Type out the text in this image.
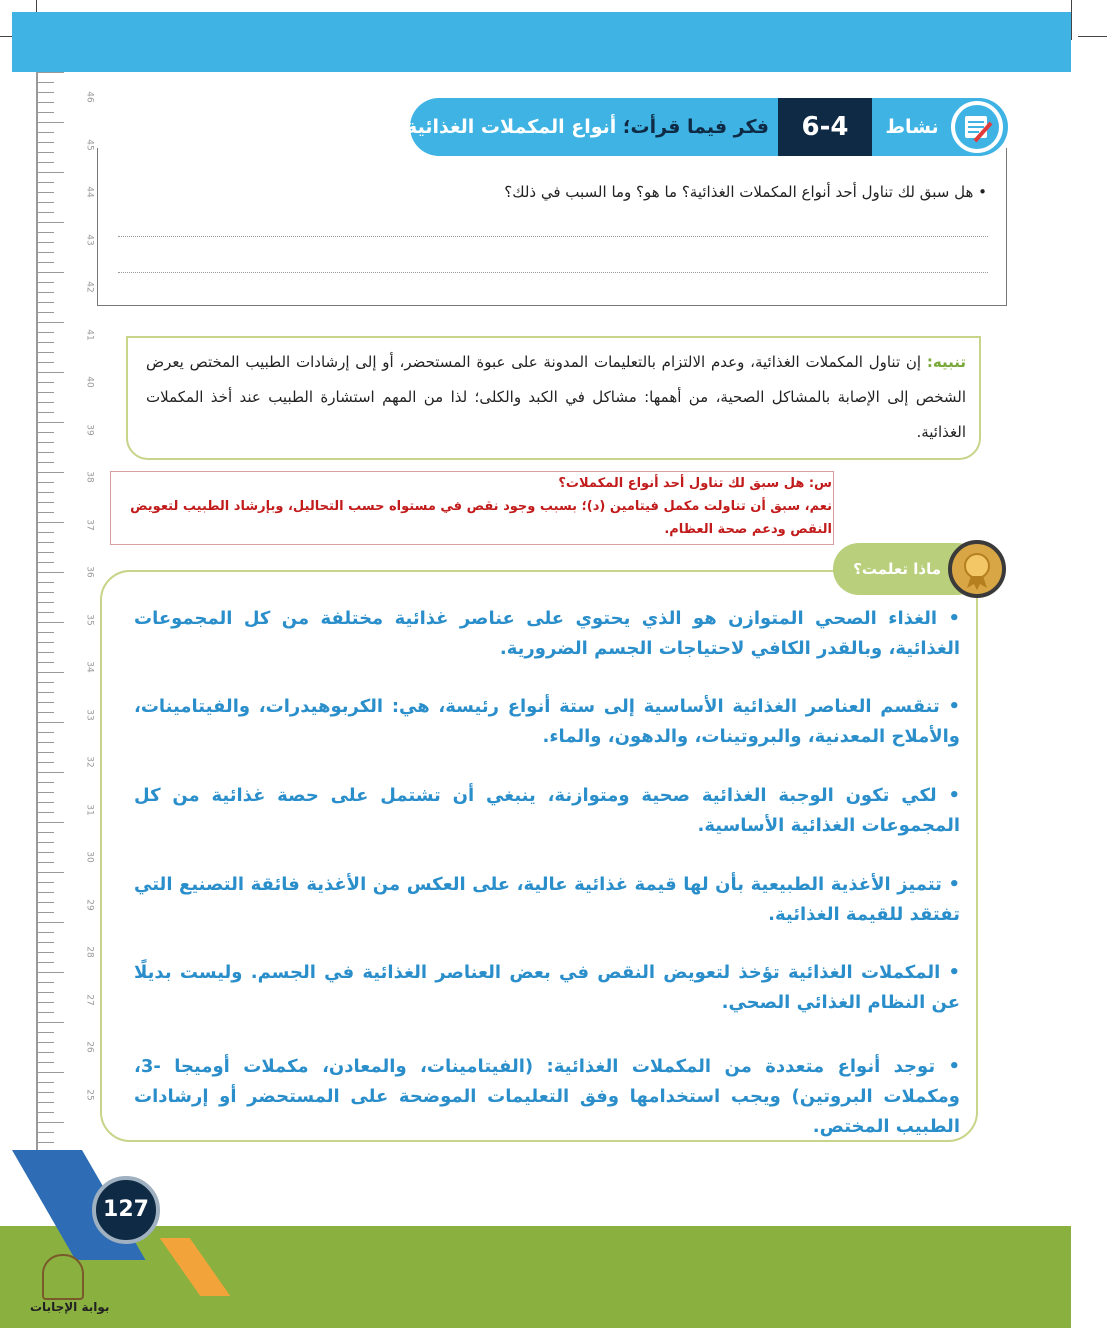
46
45
44
43
42
41
40
39
38
37
36
35
34
33
32
31
30
29
28
27
26
25
فكر فيما قرأت؛ أنواع المكملات الغذائية	6-4	نشاط
• هل سبق لك تناول أحد أنواع المكملات الغذائية؟ ما هو؟ وما السبب في ذلك؟
تنبيه: إن تناول المكملات الغذائية، وعدم الالتزام بالتعليمات المدونة على عبوة المستحضر، أو إلى إرشادات الطبيب المختص يعرض الشخص إلى الإصابة بالمشاكل الصحية، من أهمها: مشاكل في الكبد والكلى؛ لذا من المهم استشارة الطبيب عند أخذ المكملات الغذائية.
س: هل سبق لك تناول أحد أنواع المكملات؟
نعم، سبق أن تناولت مكمل فيتامين (د)؛ بسبب وجود نقص في مستواه حسب التحاليل، وبإرشاد الطبيب لتعويض النقص ودعم صحة العظام.
ماذا تعلمت؟
• الغذاء الصحي المتوازن هو الذي يحتوي على عناصر غذائية مختلفة من كل المجموعات الغذائية، وبالقدر الكافي لاحتياجات الجسم الضرورية.
• تنقسم العناصر الغذائية الأساسية إلى ستة أنواع رئيسة، هي: الكربوهيدرات، والفيتامينات، والأملاح المعدنية، والبروتينات، والدهون، والماء.
• لكي تكون الوجبة الغذائية صحية ومتوازنة، ينبغي أن تشتمل على حصة غذائية من كل المجموعات الغذائية الأساسية.
• تتميز الأغذية الطبيعية بأن لها قيمة غذائية عالية، على العكس من الأغذية فائقة التصنيع التي تفتقد للقيمة الغذائية.
• المكملات الغذائية تؤخذ لتعويض النقص في بعض العناصر الغذائية في الجسم. وليست بديلًا عن النظام الغذائي الصحي.
• توجد أنواع متعددة من المكملات الغذائية: (الفيتامينات، والمعادن، مكملات أوميجا -3، ومكملات البروتين) ويجب استخدامها وفق التعليمات الموضحة على المستحضر أو إرشادات الطبيب المختص.
127
بوابة الإجابات
